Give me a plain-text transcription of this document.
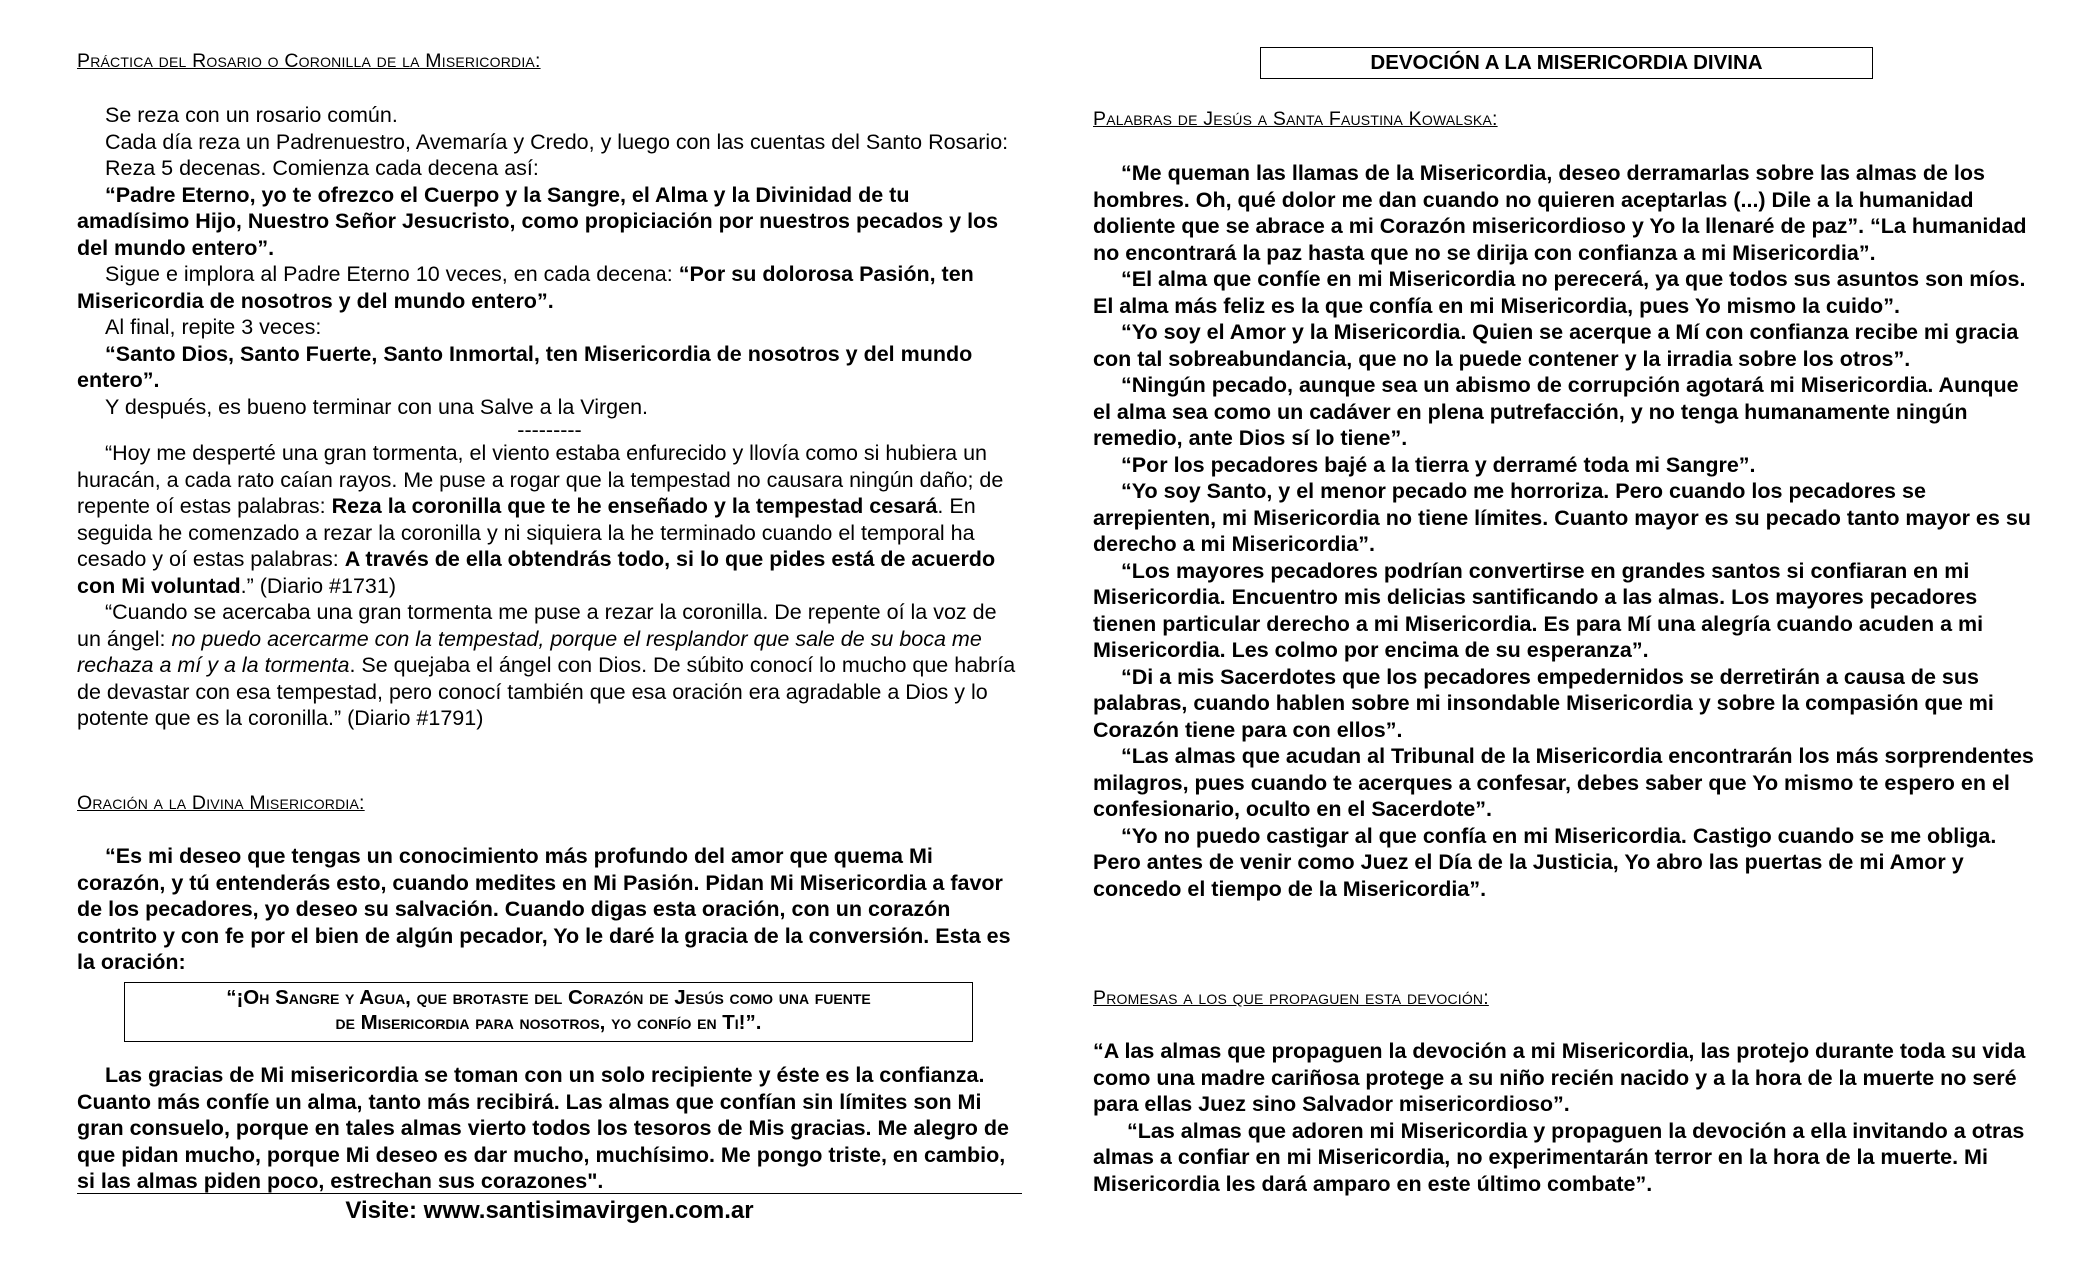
Práctica del Rosario o Coronilla de la Misericordia:

Se reza con un rosario común.

Cada día reza un Padrenuestro, Avemaría y Credo, y luego con las cuentas del Santo Rosario:

Reza 5 decenas. Comienza cada decena así:

“Padre Eterno, yo te ofrezco el Cuerpo y la Sangre, el Alma y la Divinidad de tu amadísimo Hijo, Nuestro Señor Jesucristo, como propiciación por nuestros pecados y los del mundo entero”.

Sigue e implora al Padre Eterno 10 veces, en cada decena: “Por su dolorosa Pasión, ten Misericordia de nosotros y del mundo entero”.

Al final, repite 3 veces:

“Santo Dios, Santo Fuerte, Santo Inmortal, ten Misericordia de nosotros y del mundo entero”.

Y después, es bueno terminar con una Salve a la Virgen.

---------

“Hoy me desperté una gran tormenta, el viento estaba enfurecido y llovía como si hubiera un huracán, a cada rato caían rayos. Me puse a rogar que la tempestad no causara ningún daño; de repente oí estas palabras: Reza la coronilla que te he enseñado y la tempestad cesará. En seguida he comenzado a rezar la coronilla y ni siquiera la he terminado cuando el temporal ha cesado y oí estas palabras: A través de ella obtendrás todo, si lo que pides está de acuerdo con Mi voluntad.” (Diario #1731)

“Cuando se acercaba una gran tormenta me puse a rezar la coronilla. De repente oí la voz de un ángel: no puedo acercarme con la tempestad, porque el resplandor que sale de su boca me rechaza a mí y a la tormenta. Se quejaba el ángel con Dios. De súbito conocí lo mucho que habría de devastar con esa tempestad, pero conocí también que esa oración era agradable a Dios y lo potente que es la coronilla.” (Diario #1791)

Oración a la Divina Misericordia:

“Es mi deseo que tengas un conocimiento más profundo del amor que quema Mi corazón, y tú entenderás esto, cuando medites en Mi Pasión. Pidan Mi Misericordia a favor de los pecadores, yo deseo su salvación. Cuando digas esta oración, con un corazón contrito y con fe por el bien de algún pecador, Yo le daré la gracia de la conversión. Esta es la oración:

“¡Oh Sangre y Agua, que brotaste del Corazón de Jesús como una fuente
de Misericordia para nosotros, yo confío en Ti!”.

Las gracias de Mi misericordia se toman con un solo recipiente y éste es la confianza. Cuanto más confíe un alma, tanto más recibirá. Las almas que confían sin límites son Mi gran consuelo, porque en tales almas vierto todos los tesoros de Mis gracias. Me alegro de que pidan mucho, porque Mi deseo es dar mucho, muchísimo. Me pongo triste, en cambio, si las almas piden poco, estrechan sus corazones".

Visite: www.santisimavirgen.com.ar
DEVOCIÓN A LA MISERICORDIA DIVINA
Palabras de Jesús a Santa Faustina Kowalska:

“Me queman las llamas de la Misericordia, deseo derramarlas sobre las almas de los hombres. Oh, qué dolor me dan cuando no quieren aceptarlas (...) Dile a la humanidad doliente que se abrace a mi Corazón misericordioso y Yo la llenaré de paz”. “La humanidad no encontrará la paz hasta que no se dirija con confianza a mi Misericordia”.

“El alma que confíe en mi Misericordia no perecerá, ya que todos sus asuntos son míos. El alma más feliz es la que confía en mi Misericordia, pues Yo mismo la cuido”.

“Yo soy el Amor y la Misericordia. Quien se acerque a Mí con confianza recibe mi gracia con tal sobreabundancia, que no la puede contener y la irradia sobre los otros”.

“Ningún pecado, aunque sea un abismo de corrupción agotará mi Misericordia. Aunque el alma sea como un cadáver en plena putrefacción, y no tenga humanamente ningún remedio, ante Dios sí lo tiene”.

“Por los pecadores bajé a la tierra y derramé toda mi Sangre”.

“Yo soy Santo, y el menor pecado me horroriza. Pero cuando los pecadores se arrepienten, mi Misericordia no tiene límites. Cuanto mayor es su pecado tanto mayor es su derecho a mi Misericordia”.

“Los mayores pecadores podrían convertirse en grandes santos si confiaran en mi Misericordia. Encuentro mis delicias santificando a las almas. Los mayores pecadores tienen particular derecho a mi Misericordia. Es para Mí una alegría cuando acuden a mi Misericordia. Les colmo por encima de su esperanza”.

“Di a mis Sacerdotes que los pecadores empedernidos se derretirán a causa de sus palabras, cuando hablen sobre mi insondable Misericordia y sobre la compasión que mi Corazón tiene para con ellos”.

“Las almas que acudan al Tribunal de la Misericordia encontrarán los más sorprendentes milagros, pues cuando te acerques a confesar, debes saber que Yo mismo te espero en el confesionario, oculto en el Sacerdote”.

“Yo no puedo castigar al que confía en mi Misericordia. Castigo cuando se me obliga. Pero antes de venir como Juez el Día de la Justicia, Yo abro las puertas de mi Amor y concedo el tiempo de la Misericordia”.

Promesas a los que propaguen esta devoción:

“A las almas que propaguen la devoción a mi Misericordia, las protejo durante toda su vida como una madre cariñosa protege a su niño recién nacido y a la hora de la muerte no seré para ellas Juez sino Salvador misericordioso”.

“Las almas que adoren mi Misericordia y propaguen la devoción a ella invitando a otras almas a confiar en mi Misericordia, no experimentarán terror en la hora de la muerte. Mi Misericordia les dará amparo en este último combate”.
